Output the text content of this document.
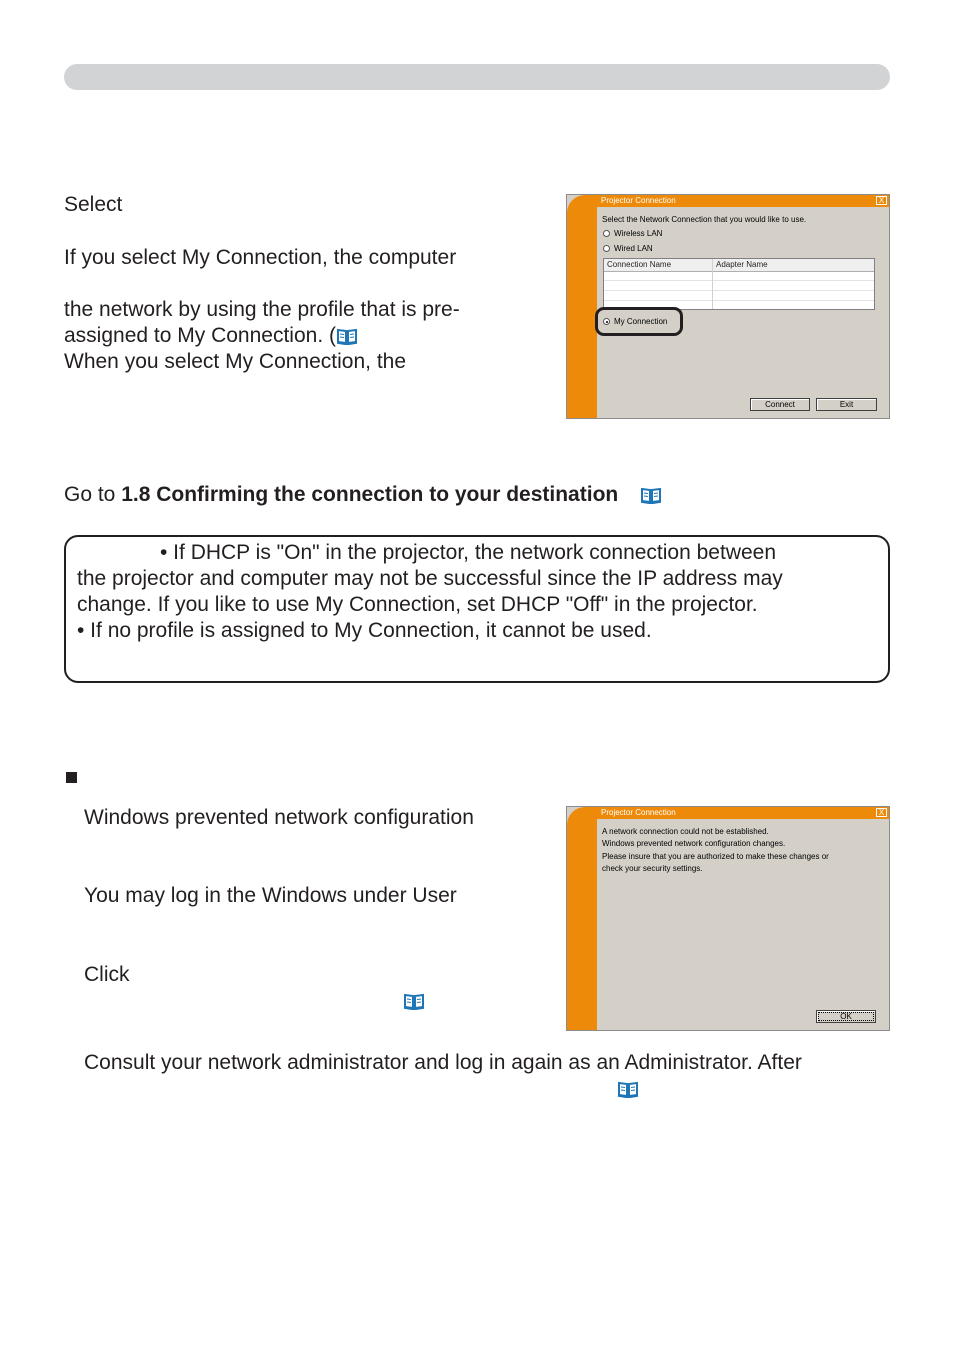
Select
If you select My Connection, the computer
the network by using the profile that is pre-
assigned to My Connection. (
When you select My Connection, the
Projector Connection	X
Select the Network Connection that you would like to use.
Wireless LAN
Wired LAN
Connection Name	Adapter Name
My Connection
Connect	Exit
Go to 1.8 Confirming the connection to your destination
• If DHCP is "On" in the projector, the network connection between
the projector and computer may not be successful since the IP address may
change. If you like to use My Connection, set DHCP "Off" in the projector.
• If no profile is assigned to My Connection, it cannot be used.
Windows prevented network configuration
You may log in the Windows under User
Click
Consult your network administrator and log in again as an Administrator. After
Projector Connection	X
A network connection could not be established.
Windows prevented network configuration changes.
Please insure that you are authorized to make these changes or
check your security settings.
OK
